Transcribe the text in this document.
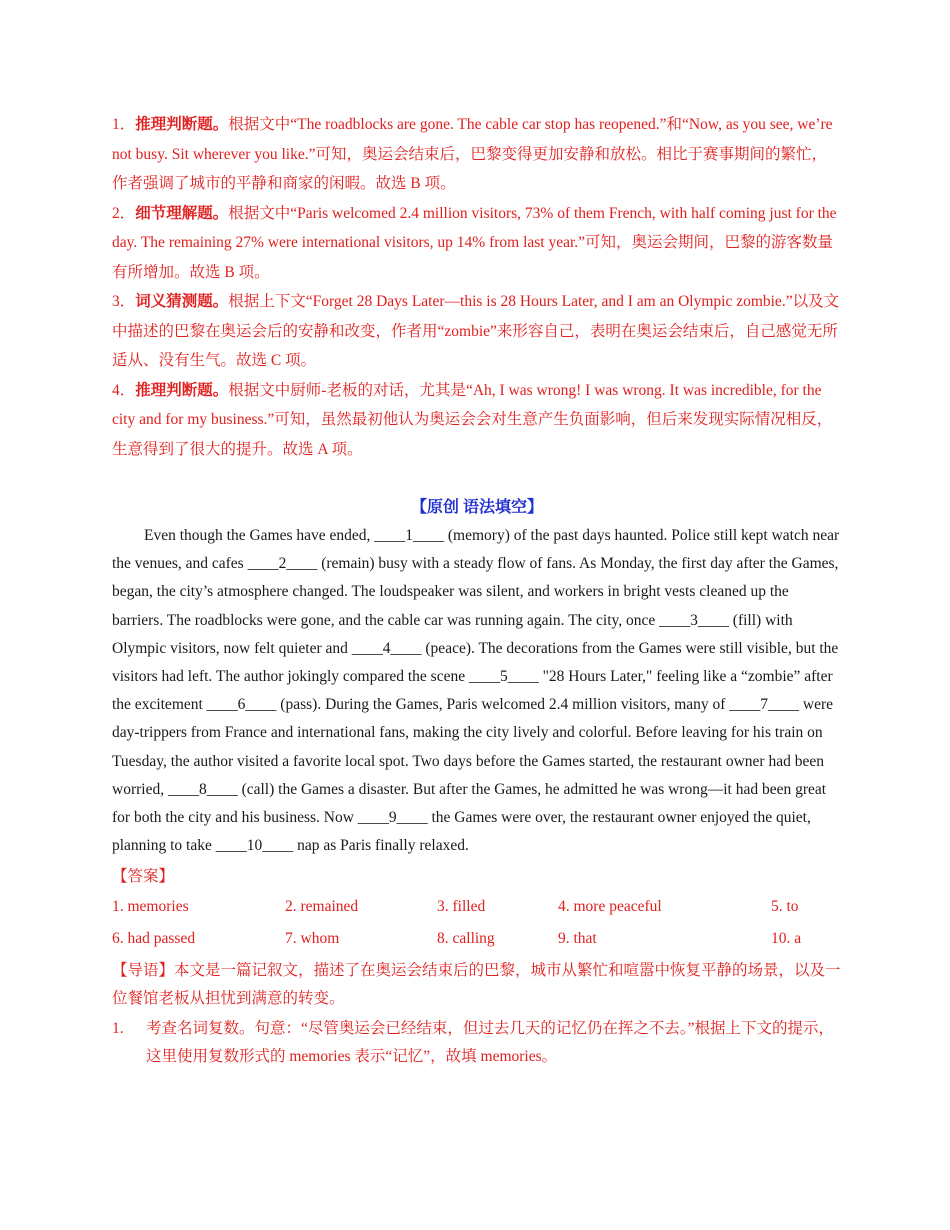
1．推理判断题。根据文中“The roadblocks are gone. The cable car stop has reopened.”和“Now, as you see, we’re not busy. Sit wherever you like.”可知，奥运会结束后，巴黎变得更加安静和放松。相比于赛事期间的繁忙，作者强调了城市的平静和商家的闲暇。故选 B 项。

2．细节理解题。根据文中“Paris welcomed 2.4 million visitors, 73% of them French, with half coming just for the day. The remaining 27% were international visitors, up 14% from last year.”可知，奥运会期间，巴黎的游客数量有所增加。故选 B 项。

3．词义猜测题。根据上下文“Forget 28 Days Later—this is 28 Hours Later, and I am an Olympic zombie.”以及文中描述的巴黎在奥运会后的安静和改变，作者用“zombie”来形容自己，表明在奥运会结束后，自己感觉无所适从、没有生气。故选 C 项。

4．推理判断题。根据文中厨师-老板的对话，尤其是“Ah, I was wrong! I was wrong. It was incredible, for the city and for my business.”可知，虽然最初他认为奥运会会对生意产生负面影响，但后来发现实际情况相反，生意得到了很大的提升。故选 A 项。

【原创 语法填空】

Even though the Games have ended, ____1____ (memory) of the past days haunted. Police still kept watch near the venues, and cafes ____2____ (remain) busy with a steady flow of fans. As Monday, the first day after the Games, began, the city’s atmosphere changed. The loudspeaker was silent, and workers in bright vests cleaned up the barriers. The roadblocks were gone, and the cable car was running again. The city, once ____3____ (fill) with Olympic visitors, now felt quieter and ____4____ (peace). The decorations from the Games were still visible, but the visitors had left. The author jokingly compared the scene ____5____ "28 Hours Later," feeling like a “zombie” after the excitement ____6____ (pass). During the Games, Paris welcomed 2.4 million visitors, many of ____7____ were day-trippers from France and international fans, making the city lively and colorful. Before leaving for his train on Tuesday, the author visited a favorite local spot. Two days before the Games started, the restaurant owner had been worried, ____8____ (call) the Games a disaster. But after the Games, he admitted he was wrong—it had been great for both the city and his business. Now ____9____ the Games were over, the restaurant owner enjoyed the quiet, planning to take ____10____ nap as Paris finally relaxed.

【答案】
1. memories	2. remained	3. filled	4. more peaceful	5. to
6. had passed	7. whom	8. calling	9. that	10. a

【导语】本文是一篇记叙文，描述了在奥运会结束后的巴黎，城市从繁忙和喧嚣中恢复平静的场景，以及一位餐馆老板从担忧到满意的转变。

1.	考查名词复数。句意：“尽管奥运会已经结束，但过去几天的记忆仍在挥之不去。”根据上下文的提示，这里使用复数形式的 memories 表示“记忆”，故填 memories。
